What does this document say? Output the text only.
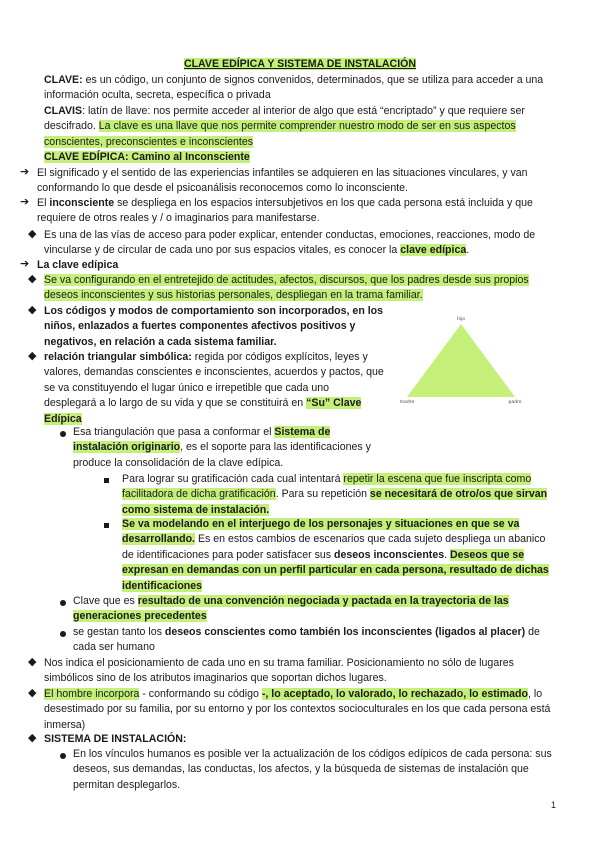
CLAVE EDÍPICA Y SISTEMA DE INSTALACIÓN
CLAVE: es un código, un conjunto de signos convenidos, determinados, que se utiliza para acceder a una información oculta, secreta, específica o privada
CLAVIS: latín de llave: nos permite acceder al interior de algo que está “encriptado” y que requiere ser descifrado. La clave es una llave que nos permite comprender nuestro modo de ser en sus aspectos conscientes, preconscientes e inconscientes
CLAVE EDÍPICA: Camino al Inconsciente
➔ El significado y el sentido de las experiencias infantiles se adquieren en las situaciones vinculares, y van conformando lo que desde el psicoanálisis reconocemos como lo inconsciente.
➔ El inconsciente se despliega en los espacios intersubjetivos en los que cada persona está incluida y que requiere de otros reales y / o imaginarios para manifestarse.
◆ Es una de las vías de acceso para poder explicar, entender conductas, emociones, reacciones, modo de vincularse y de circular de cada uno por sus espacios vitales, es conocer la clave edípica.
➔ La clave edípica
◆ Se va configurando en el entretejido de actitudes, afectos, discursos, que los padres desde sus propios deseos inconscientes y sus historias personales, despliegan en la trama familiar.
◆ Los códigos y modos de comportamiento son incorporados, en los niños, enlazados a fuertes componentes afectivos positivos y negativos, en relación a cada sistema familiar.
◆ relación triangular simbólica: regida por códigos explícitos, leyes y valores, demandas conscientes e inconscientes, acuerdos y pactos, que se va constituyendo el lugar único e irrepetible que cada uno desplegará a lo largo de su vida y que se constituirá en “Su” Clave Edípica
hijo
madre	padre
Esa triangulación que pasa a conformar el Sistema de instalación originario, es el soporte para las identificaciones y produce la consolidación de la clave edípica.
Para lograr su gratificación cada cual intentará repetir la escena que fue inscripta como facilitadora de dicha gratificación. Para su repetición se necesitará de otro/os que sirvan como sistema de instalación.
Se va modelando en el interjuego de los personajes y situaciones en que se va desarrollando. Es en estos cambios de escenarios que cada sujeto despliega un abanico de identificaciones para poder satisfacer sus deseos inconscientes. Deseos que se expresan en demandas con un perfil particular en cada persona, resultado de dichas identificaciones
Clave que es resultado de una convención negociada y pactada en la trayectoria de las generaciones precedentes
se gestan tanto los deseos conscientes como también los inconscientes (ligados al placer) de cada ser humano
◆ Nos indica el posicionamiento de cada uno en su trama familiar. Posicionamiento no sólo de lugares simbólicos sino de los atributos imaginarios que soportan dichos lugares.
◆ El hombre incorpora - conformando su código -, lo aceptado, lo valorado, lo rechazado, lo estimado, lo desestimado por su familia, por su entorno y por los contextos socioculturales en los que cada persona está inmersa)
◆ SISTEMA DE INSTALACIÓN:
En los vínculos humanos es posible ver la actualización de los códigos edípicos de cada persona: sus deseos, sus demandas, las conductas, los afectos, y la búsqueda de sistemas de instalación que permitan desplegarlos.
1
